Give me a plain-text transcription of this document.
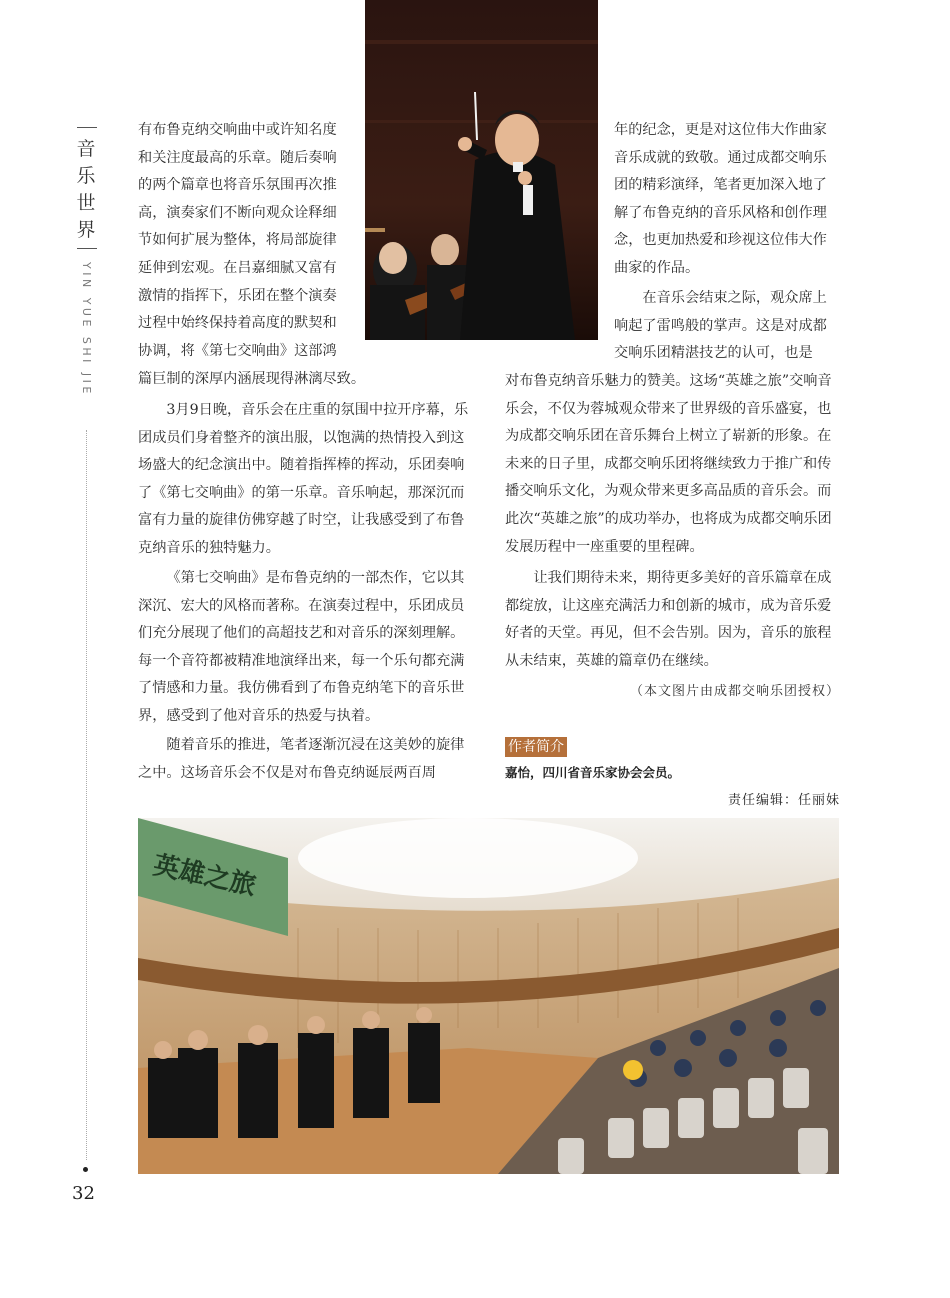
音乐世界
YIN YUE SHI JIE
32

有布鲁克纳交响曲中或许知名度和关注度最高的乐章。随后奏响的两个篇章也将音乐氛围再次推高，演奏家们不断向观众诠释细节如何扩展为整体，将局部旋律延伸到宏观。在吕嘉细腻又富有激情的指挥下，乐团在整个演奏过程中始终保持着高度的默契和协调，将《第七交响曲》这部鸿

篇巨制的深厚内涵展现得淋漓尽致。

3月9日晚，音乐会在庄重的氛围中拉开序幕，乐团成员们身着整齐的演出服，以饱满的热情投入到这场盛大的纪念演出中。随着指挥棒的挥动，乐团奏响了《第七交响曲》的第一乐章。音乐响起，那深沉而富有力量的旋律仿佛穿越了时空，让我感受到了布鲁克纳音乐的独特魅力。

《第七交响曲》是布鲁克纳的一部杰作，它以其深沉、宏大的风格而著称。在演奏过程中，乐团成员们充分展现了他们的高超技艺和对音乐的深刻理解。每一个音符都被精准地演绎出来，每一个乐句都充满了情感和力量。我仿佛看到了布鲁克纳笔下的音乐世界，感受到了他对音乐的热爱与执着。

随着音乐的推进，笔者逐渐沉浸在这美妙的旋律之中。这场音乐会不仅是对布鲁克纳诞辰两百周

年的纪念，更是对这位伟大作曲家音乐成就的致敬。通过成都交响乐团的精彩演绎，笔者更加深入地了解了布鲁克纳的音乐风格和创作理念，也更加热爱和珍视这位伟大作曲家的作品。

在音乐会结束之际，观众席上响起了雷鸣般的掌声。这是对成都交响乐团精湛技艺的认可，也是

对布鲁克纳音乐魅力的赞美。这场“英雄之旅”交响音乐会，不仅为蓉城观众带来了世界级的音乐盛宴，也为成都交响乐团在音乐舞台上树立了崭新的形象。在未来的日子里，成都交响乐团将继续致力于推广和传播交响乐文化，为观众带来更多高品质的音乐会。而此次“英雄之旅”的成功举办，也将成为成都交响乐团发展历程中一座重要的里程碑。

让我们期待未来，期待更多美好的音乐篇章在成都绽放，让这座充满活力和创新的城市，成为音乐爱好者的天堂。再见，但不会告别。因为，音乐的旅程从未结束，英雄的篇章仍在继续。

（本文图片由成都交响乐团授权）
作者简介
嘉怡，四川省音乐家协会会员。
责任编辑：任丽妹
英雄之旅
